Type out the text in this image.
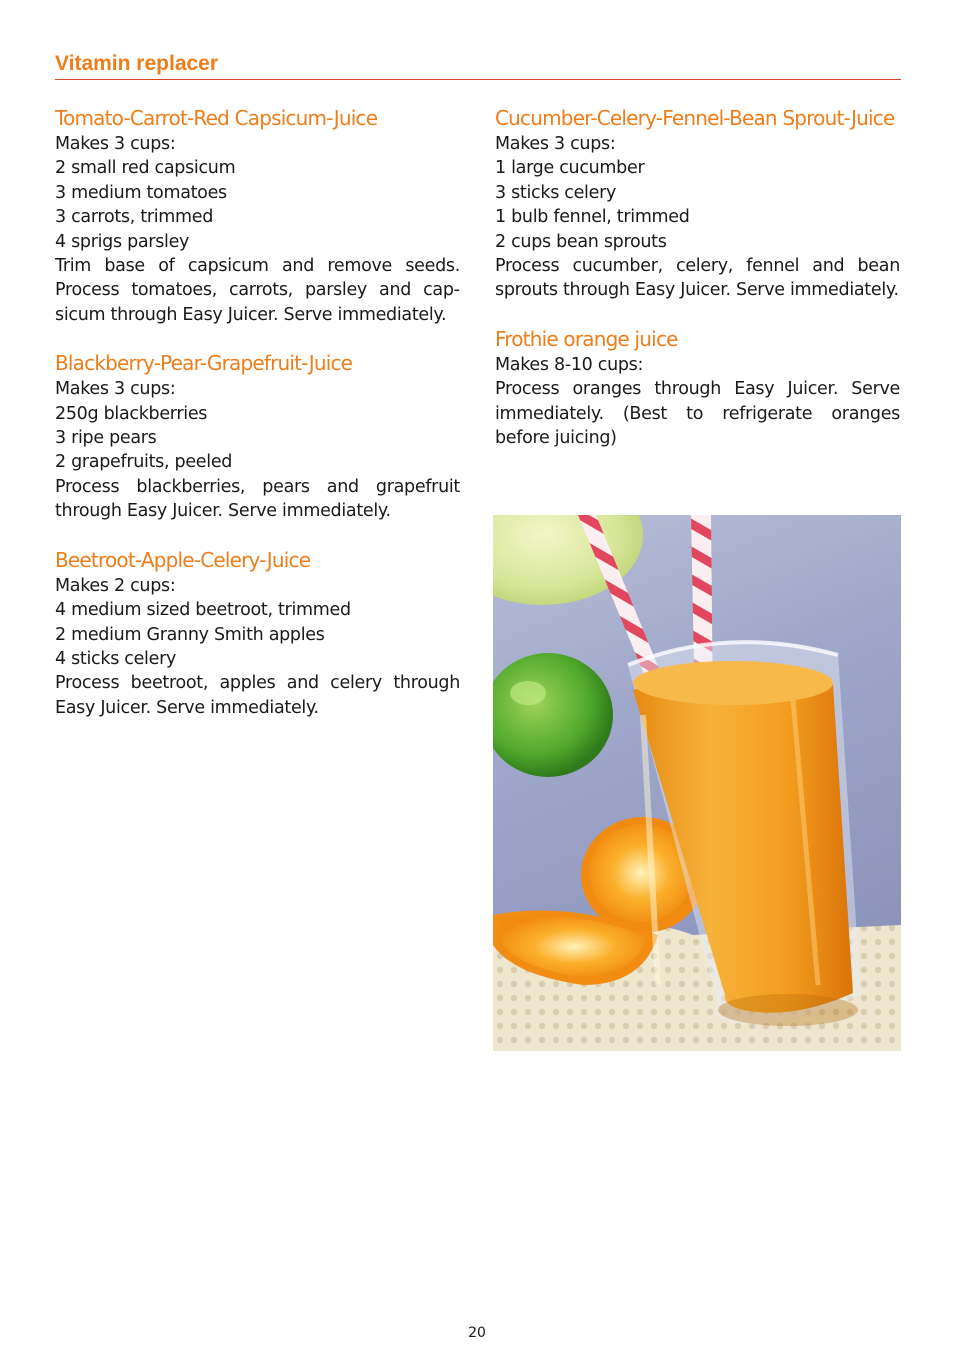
Vitamin replacer
Tomato-Carrot-Red Capsicum-Juice
Makes 3 cups:
2 small red capsicum
3 medium tomatoes
3 carrots, trimmed
4 sprigs parsley
Trim base of capsicum and remove seeds. Process tomatoes, carrots, parsley and capsicum through Easy Juicer. Serve immediately.
Blackberry-Pear-Grapefruit-Juice
Makes 3 cups:
250g blackberries
3 ripe pears
2 grapefruits, peeled
Process blackberries, pears and grapefruit through Easy Juicer. Serve immediately.
Beetroot-Apple-Celery-Juice
Makes 2 cups:
4 medium sized beetroot, trimmed
2 medium Granny Smith apples
4 sticks celery
Process beetroot, apples and celery through Easy Juicer. Serve immediately.
Cucumber-Celery-Fennel-Bean Sprout-Juice
Makes 3 cups:
1 large cucumber
3 sticks celery
1 bulb fennel, trimmed
2 cups bean sprouts
Process cucumber, celery, fennel and bean sprouts through Easy Juicer. Serve immediately.
Frothie orange juice
Makes 8-10 cups:
Process oranges through Easy Juicer. Serve immediately. (Best to refrigerate oranges before juicing)
20
